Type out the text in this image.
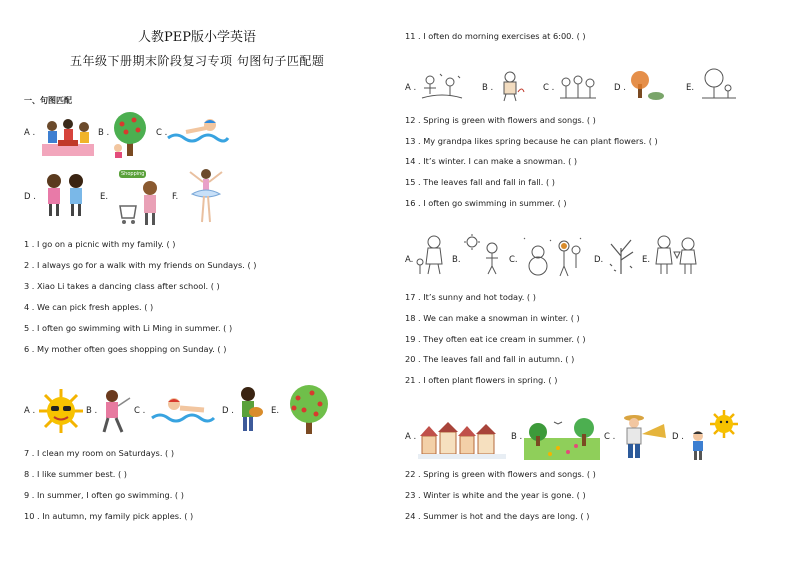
人教PEP版小学英语
五年级下册期末阶段复习专项 句图句子匹配题
一、句图匹配
A .	B .	C .
D .	E.
Shopping
F.
1 . I go on a picnic with my family. ( )
2 . I always go for a walk with my friends on Sundays. ( )
3 . Xiao Li takes a dancing class after school. ( )
4 . We can pick fresh apples. ( )
5 . I often go swimming with Li Ming in summer. ( )
6 . My mother often goes shopping on Sunday. ( )
A .	B .	C .	D .	E.
7 . I clean my room on Saturdays. ( )
8 . I like summer best. ( )
9 . In summer, I often go swimming. ( )
10 . In autumn, my family pick apples. ( )
11 . I often do morning exercises at 6:00. ( )
A .	B .	C .	D .	E.
12 . Spring is green with flowers and songs. ( )
13 . My grandpa likes spring because he can plant flowers. ( )
14 . It’s winter. I can make a snowman. ( )
15 . The leaves fall and fall in fall. ( )
16 . I often go swimming in summer. ( )
A.	B.	C.	D.	E.
17 . It’s sunny and hot today. ( )
18 . We can make a snowman in winter. ( )
19 . They often eat ice cream in summer. ( )
20 . The leaves fall and fall in autumn. ( )
21 . I often plant flowers in spring. ( )
A .	B .	C .	D .
22 . Spring is green with flowers and songs. ( )
23 . Winter is white and the year is gone. ( )
24 . Summer is hot and the days are long. ( )
